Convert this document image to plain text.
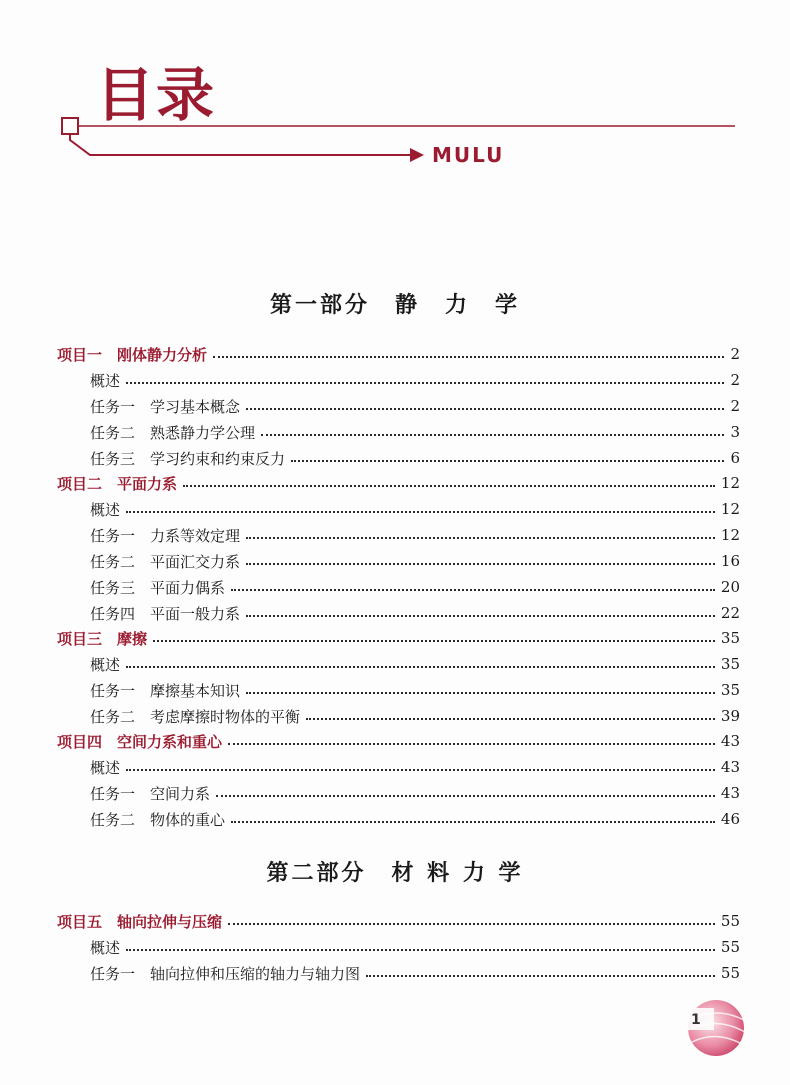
目录
MULU
第一部分　静　力　学
项目一　刚体静力分析	2
概述	2
任务一　学习基本概念	2
任务二　熟悉静力学公理	3
任务三　学习约束和约束反力	6
项目二　平面力系	12
概述	12
任务一　力系等效定理	12
任务二　平面汇交力系	16
任务三　平面力偶系	20
任务四　平面一般力系	22
项目三　摩擦	35
概述	35
任务一　摩擦基本知识	35
任务二　考虑摩擦时物体的平衡	39
项目四　空间力系和重心	43
概述	43
任务一　空间力系	43
任务二　物体的重心	46
第二部分　材 料 力 学
项目五　轴向拉伸与压缩	55
概述	55
任务一　轴向拉伸和压缩的轴力与轴力图	55
1
